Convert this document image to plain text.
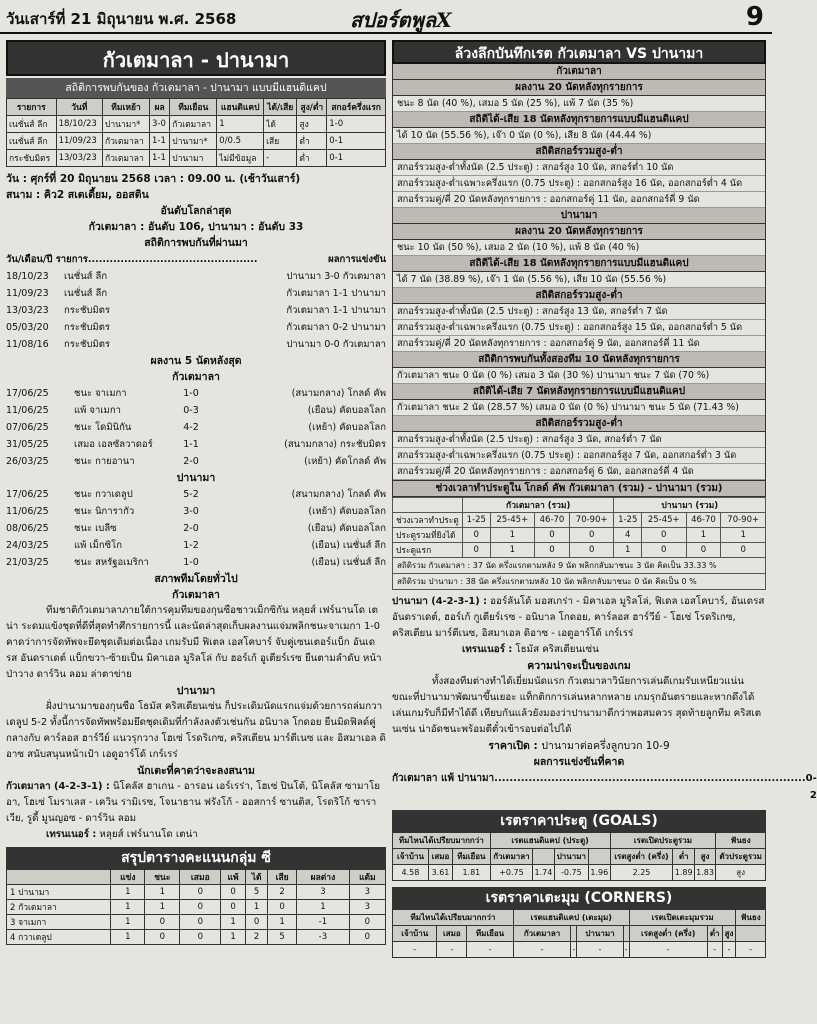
วันเสาร์ที่ 21 มิถุนายน พ.ศ. 2568	สปอร์ตพูลX	9
กัวเตมาลา - ปานามา
สถิติการพบกันของ กัวเตมาลา - ปานามา แบบมีแฮนดิแคป
รายการ	วันที่	ทีมเหย้า	ผล	ทีมเยือน	แฮนดิแคป	ได้/เสีย	สูง/ต่ำ	สกอร์ครึ่งแรก
เนชั่นส์ ลีก	18/10/23	ปานามา*	3-0	กัวเตมาลา	1	ได้	สูง	1-0
เนชั่นส์ ลีก	11/09/23	กัวเตมาลา	1-1	ปานามา*	0/0.5	เสีย	ต่ำ	0-1
กระชับมิตร	13/03/23	กัวเตมาลา	1-1	ปานามา	ไม่มีข้อมูล	-	ต่ำ	0-1
วัน : ศุกร์ที่ 20 มิถุนายน 2568 เวลา : 09.00 น. (เช้าวันเสาร์)
สนาม : คิว2 สเตเดี้ยม, ออสติน
อันดับโลกล่าสุด
กัวเตมาลา : อันดับ 106, ปานามา : อันดับ 33
สถิติการพบกันที่ผ่านมา
วัน/เดือน/ปี รายการ...............................................	ผลการแข่งขัน
18/10/23	เนชั่นส์ ลีก	ปานามา 3-0 กัวเตมาลา
11/09/23	เนชั่นส์ ลีก	กัวเตมาลา 1-1 ปานามา
13/03/23	กระชับมิตร	กัวเตมาลา 1-1 ปานามา
05/03/20	กระชับมิตร	กัวเตมาลา 0-2 ปานามา
11/08/16	กระชับมิตร	ปานามา 0-0 กัวเตมาลา
ผลงาน 5 นัดหลังสุด
กัวเตมาลา
17/06/25	ชนะ จาเมกา	1-0	(สนามกลาง) โกลด์ คัพ
11/06/25	แพ้ จาเมกา	0-3	(เยือน) คัดบอลโลก
07/06/25	ชนะ โดมินิกัน	4-2	(เหย้า) คัดบอลโลก
31/05/25	เสมอ เอลซัลวาดอร์	1-1	(สนามกลาง) กระชับมิตร
26/03/25	ชนะ กายอานา	2-0	(เหย้า) คัดโกลด์ คัพ
ปานามา
17/06/25	ชนะ กวาเดลูป	5-2	(สนามกลาง) โกลด์ คัพ
11/06/25	ชนะ นิการากัว	3-0	(เหย้า) คัดบอลโลก
08/06/25	ชนะ เบลีซ	2-0	(เยือน) คัดบอลโลก
24/03/25	แพ้ เม็กซิโก	1-2	(เยือน) เนชั่นส์ ลีก
21/03/25	ชนะ สหรัฐอเมริกา	1-0	(เยือน) เนชั่นส์ ลีก
สภาพทีมโดยทั่วไป
กัวเตมาลา

ทีมชาติกัวเตมาลาภายใต้การคุมทีมของกุนซือชาวเม็กซิกัน หลุยส์ เฟร์นานโด เตน่า ระดมแข้งชุดที่ดีที่สุดทำศึกรายการนี้ และนัดล่าสุดเก็บผลงานแจ่มพลิกชนะจาเมกา 1-0 คาดว่าการจัดทัพจะยึดชุดเดิมต่อเนื่อง เกมรับมี ฟิเตล เอสโคบาร์ จับคู่เซนเตอร์แบ็ก อันเดรส อันดราเดต์ แบ็กขวา-ซ้ายเป็น มิคาเอล มูริลโล่ กับ ฮอร์เก้ อูเตียร์เรซ ยืนตามลำดับ หน้าป่าวาง ดาร์วิน ลอม ล่าตาข่าย

ปานามา

ฝั่งปานามาของกุนซือ โธมัส คริสเตียนเซ่น ก็ประเดิมนัดแรกแจ่มด้วยการถล่มกวาเดลูป 5-2 ทั้งนี้การจัดทัพพร้อมยึดชุดเดิมที่กำลังลงตัวเช่นกัน อนิบาล โกดอย ยืนมิดฟิลด์คู่กลางกับ คาร์ลอส ฮาร์วีย์ แนวรุกวาง โฮเซ่ โรดริเกซ, คริสเตียน มาร์ตีเนซ และ อิสมาเอล ดิอาซ สนับสนุนหน้าเป้า เอดูอาร์โด้ เกร์เรร่

นักเตะที่คาดว่าจะลงสนาม

กัวเตมาลา (4-2-3-1) : นิโคลัส ฮาเกน - อารอน เอร์เรร่า, โฮเซ่ ปินโต้, นิโคลัส ซามาโยอา, โฮเซ่ โมราเลส - เควิน รามิเรซ, โจนาธาน ฟรังโก้ - ออสการ์ ซานติส, โรดริโก้ ซาราเวีย, รูดี้ มูนญอซ - ดาร์วิน ลอม

เทรนเนอร์ : หลุยส์ เฟร์นานโด เตน่า

สรุปตารางคะแนนกลุ่ม ซี
	แข่ง	ชนะ	เสมอ	แพ้	ได้	เสีย	ผลต่าง	แต้ม
1 ปานามา	1	1	0	0	5	2	3	3
2 กัวเตมาลา	1	1	0	0	1	0	1	3
3 จาเมกา	1	0	0	1	0	1	-1	0
4 กวาเดลูป	1	0	0	1	2	5	-3	0
ล้วงลึกบันทึกเรต กัวเตมาลา VS ปานามา
กัวเตมาลา
ผลงาน 20 นัดหลังทุกรายการ
ชนะ 8 นัด (40 %), เสมอ 5 นัด (25 %), แพ้ 7 นัด (35 %)
สถิติได้-เสีย 18 นัดหลังทุกรายการแบบมีแฮนดิแคป
ได้ 10 นัด (55.56 %), เจ๊า 0 นัด (0 %), เสีย 8 นัด (44.44 %)
สถิติสกอร์รวมสูง-ต่ำ
สกอร์รวมสูง-ต่ำทั้งนัด (2.5 ประตู) : สกอร์สูง 10 นัด, สกอร์ต่ำ 10 นัด
สกอร์รวมสูง-ต่ำเฉพาะครึ่งแรก (0.75 ประตู) : ออกสกอร์สูง 16 นัด, ออกสกอร์ต่ำ 4 นัด
สกอร์รวมคู่/คี่ 20 นัดหลังทุกรายการ : ออกสกอร์คู่ 11 นัด, ออกสกอร์คี่ 9 นัด
ปานามา
ผลงาน 20 นัดหลังทุกรายการ
ชนะ 10 นัด (50 %), เสมอ 2 นัด (10 %), แพ้ 8 นัด (40 %)
สถิติได้-เสีย 18 นัดหลังทุกรายการแบบมีแฮนดิแคป
ได้ 7 นัด (38.89 %), เจ๊า 1 นัด (5.56 %), เสีย 10 นัด (55.56 %)
สถิติสกอร์รวมสูง-ต่ำ
สกอร์รวมสูง-ต่ำทั้งนัด (2.5 ประตู) : สกอร์สูง 13 นัด, สกอร์ต่ำ 7 นัด
สกอร์รวมสูง-ต่ำเฉพาะครึ่งแรก (0.75 ประตู) : ออกสกอร์สูง 15 นัด, ออกสกอร์ต่ำ 5 นัด
สกอร์รวมคู่/คี่ 20 นัดหลังทุกรายการ : ออกสกอร์คู่ 9 นัด, ออกสกอร์คี่ 11 นัด
สถิติการพบกันทั้งสองทีม 10 นัดหลังทุกรายการ
กัวเตมาลา ชนะ 0 นัด (0 %) เสมอ 3 นัด (30 %) ปานามา ชนะ 7 นัด (70 %)
สถิติได้-เสีย 7 นัดหลังทุกรายการแบบมีแฮนดิแคป
กัวเตมาลา ชนะ 2 นัด (28.57 %) เสมอ 0 นัด (0 %) ปานามา ชนะ 5 นัด (71.43 %)
สถิติสกอร์รวมสูง-ต่ำ
สกอร์รวมสูง-ต่ำทั้งนัด (2.5 ประตู) : สกอร์สูง 3 นัด, สกอร์ต่ำ 7 นัด
สกอร์รวมสูง-ต่ำเฉพาะครึ่งแรก (0.75 ประตู) : ออกสกอร์สูง 7 นัด, ออกสกอร์ต่ำ 3 นัด
สกอร์รวมคู่/คี่ 20 นัดหลังทุกรายการ : ออกสกอร์คู่ 6 นัด, ออกสกอร์คี่ 4 นัด
ช่วงเวลาทำประตูใน โกลด์ คัพ กัวเตมาลา (รวม) - ปานามา (รวม)
	กัวเตมาลา (รวม)				ปานามา (รวม)			
ช่วงเวลาทำประตู	1-25	25-45+	46-70	70-90+	1-25	25-45+	46-70	70-90+
ประตูรวมที่ยิงได้	0	1	0	0	4	0	1	1
ประตูแรก	0	1	0	0	1	0	0	0
สถิติรวม กัวเตมาลา : 37 นัด ครึ่งแรกตามหลัง 9 นัด พลิกกลับมาชนะ 3 นัด คิดเป็น 33.33 %
สถิติรวม ปานามา : 38 นัด ครึ่งแรกตามหลัง 10 นัด พลิกกลับมาชนะ 0 นัด คิดเป็น 0 %

ปานามา (4-2-3-1) : ออร์ลันโด้ มอสเกร่า - มิคาเอล มูริลโล่, ฟิเดล เอสโคบาร์, อันเดรส อันดราเดต์, ฮอร์เก้ กูเตียร์เรซ - อนิบาล โกดอย, คาร์ลอส ฮาร์วีย์ - โฮเซ่ โรดริเกซ, คริสเตียน มาร์ตีเนซ, อิสมาเอล ดิอาซ - เอดูอาร์โด้ เกร์เรร่

เทรนเนอร์ : โธมัส คริสเตียนเซ่น

ความน่าจะเป็นของเกม

ทั้งสองทีมต่างทำได้เยี่ยมนัดแรก กัวเตมาลาวินัยการเล่นดีเกมรับเหนียวแน่น ขณะที่ปานามาพัฒนาขึ้นเยอะ แท็กติกการเล่นหลากหลาย เกมรุกอันตรายและหากดึงได้เล่นเกมรับก็มีทำได้ดี เทียบกันแล้วยังมองว่าปานามาดีกว่าพอสมควร สุดท้ายลูกทีม คริสเตนเซ่น น่าอัดชนะพร้อมตีตั๋วเข้ารอบต่อไปได้

ราคาเปิด : ปานามาต่อครึ่งลูกบวก 10-9
ผลการแข่งขันที่คาด
กัวเตมาลา แพ้ ปานามา.................................................................................. 0-2
เรตราคาประตู (GOALS)
ทีมไหนได้เปรียบมากกว่า			เรตแฮนดิแคป (ประตู)				เรตเปิดประตูรวม			ฟันธง
เจ้าบ้าน	เสมอ	ทีมเยือน	กัวเตมาลา		ปานามา		เรตสูงต่ำ (ครึ่ง)	ต่ำ	สูง	ตัวประตูรวม
4.58	3.61	1.81	+0.75	1.74	-0.75	1.96	2.25	1.89	1.83	สูง
เรตราคาเตะมุม (CORNERS)
ทีมไหนได้เปรียบมากกว่า			เรตแฮนดิแคป (เตะมุม)				เรตเปิดเตะมุมรวม			ฟันธง
เจ้าบ้าน	เสมอ	ทีมเยือน	กัวเตมาลา		ปานามา		เรตสูงต่ำ (ครึ่ง)	ต่ำ	สูง	
-	-	-	-	-	-	-	-	-	-	-
